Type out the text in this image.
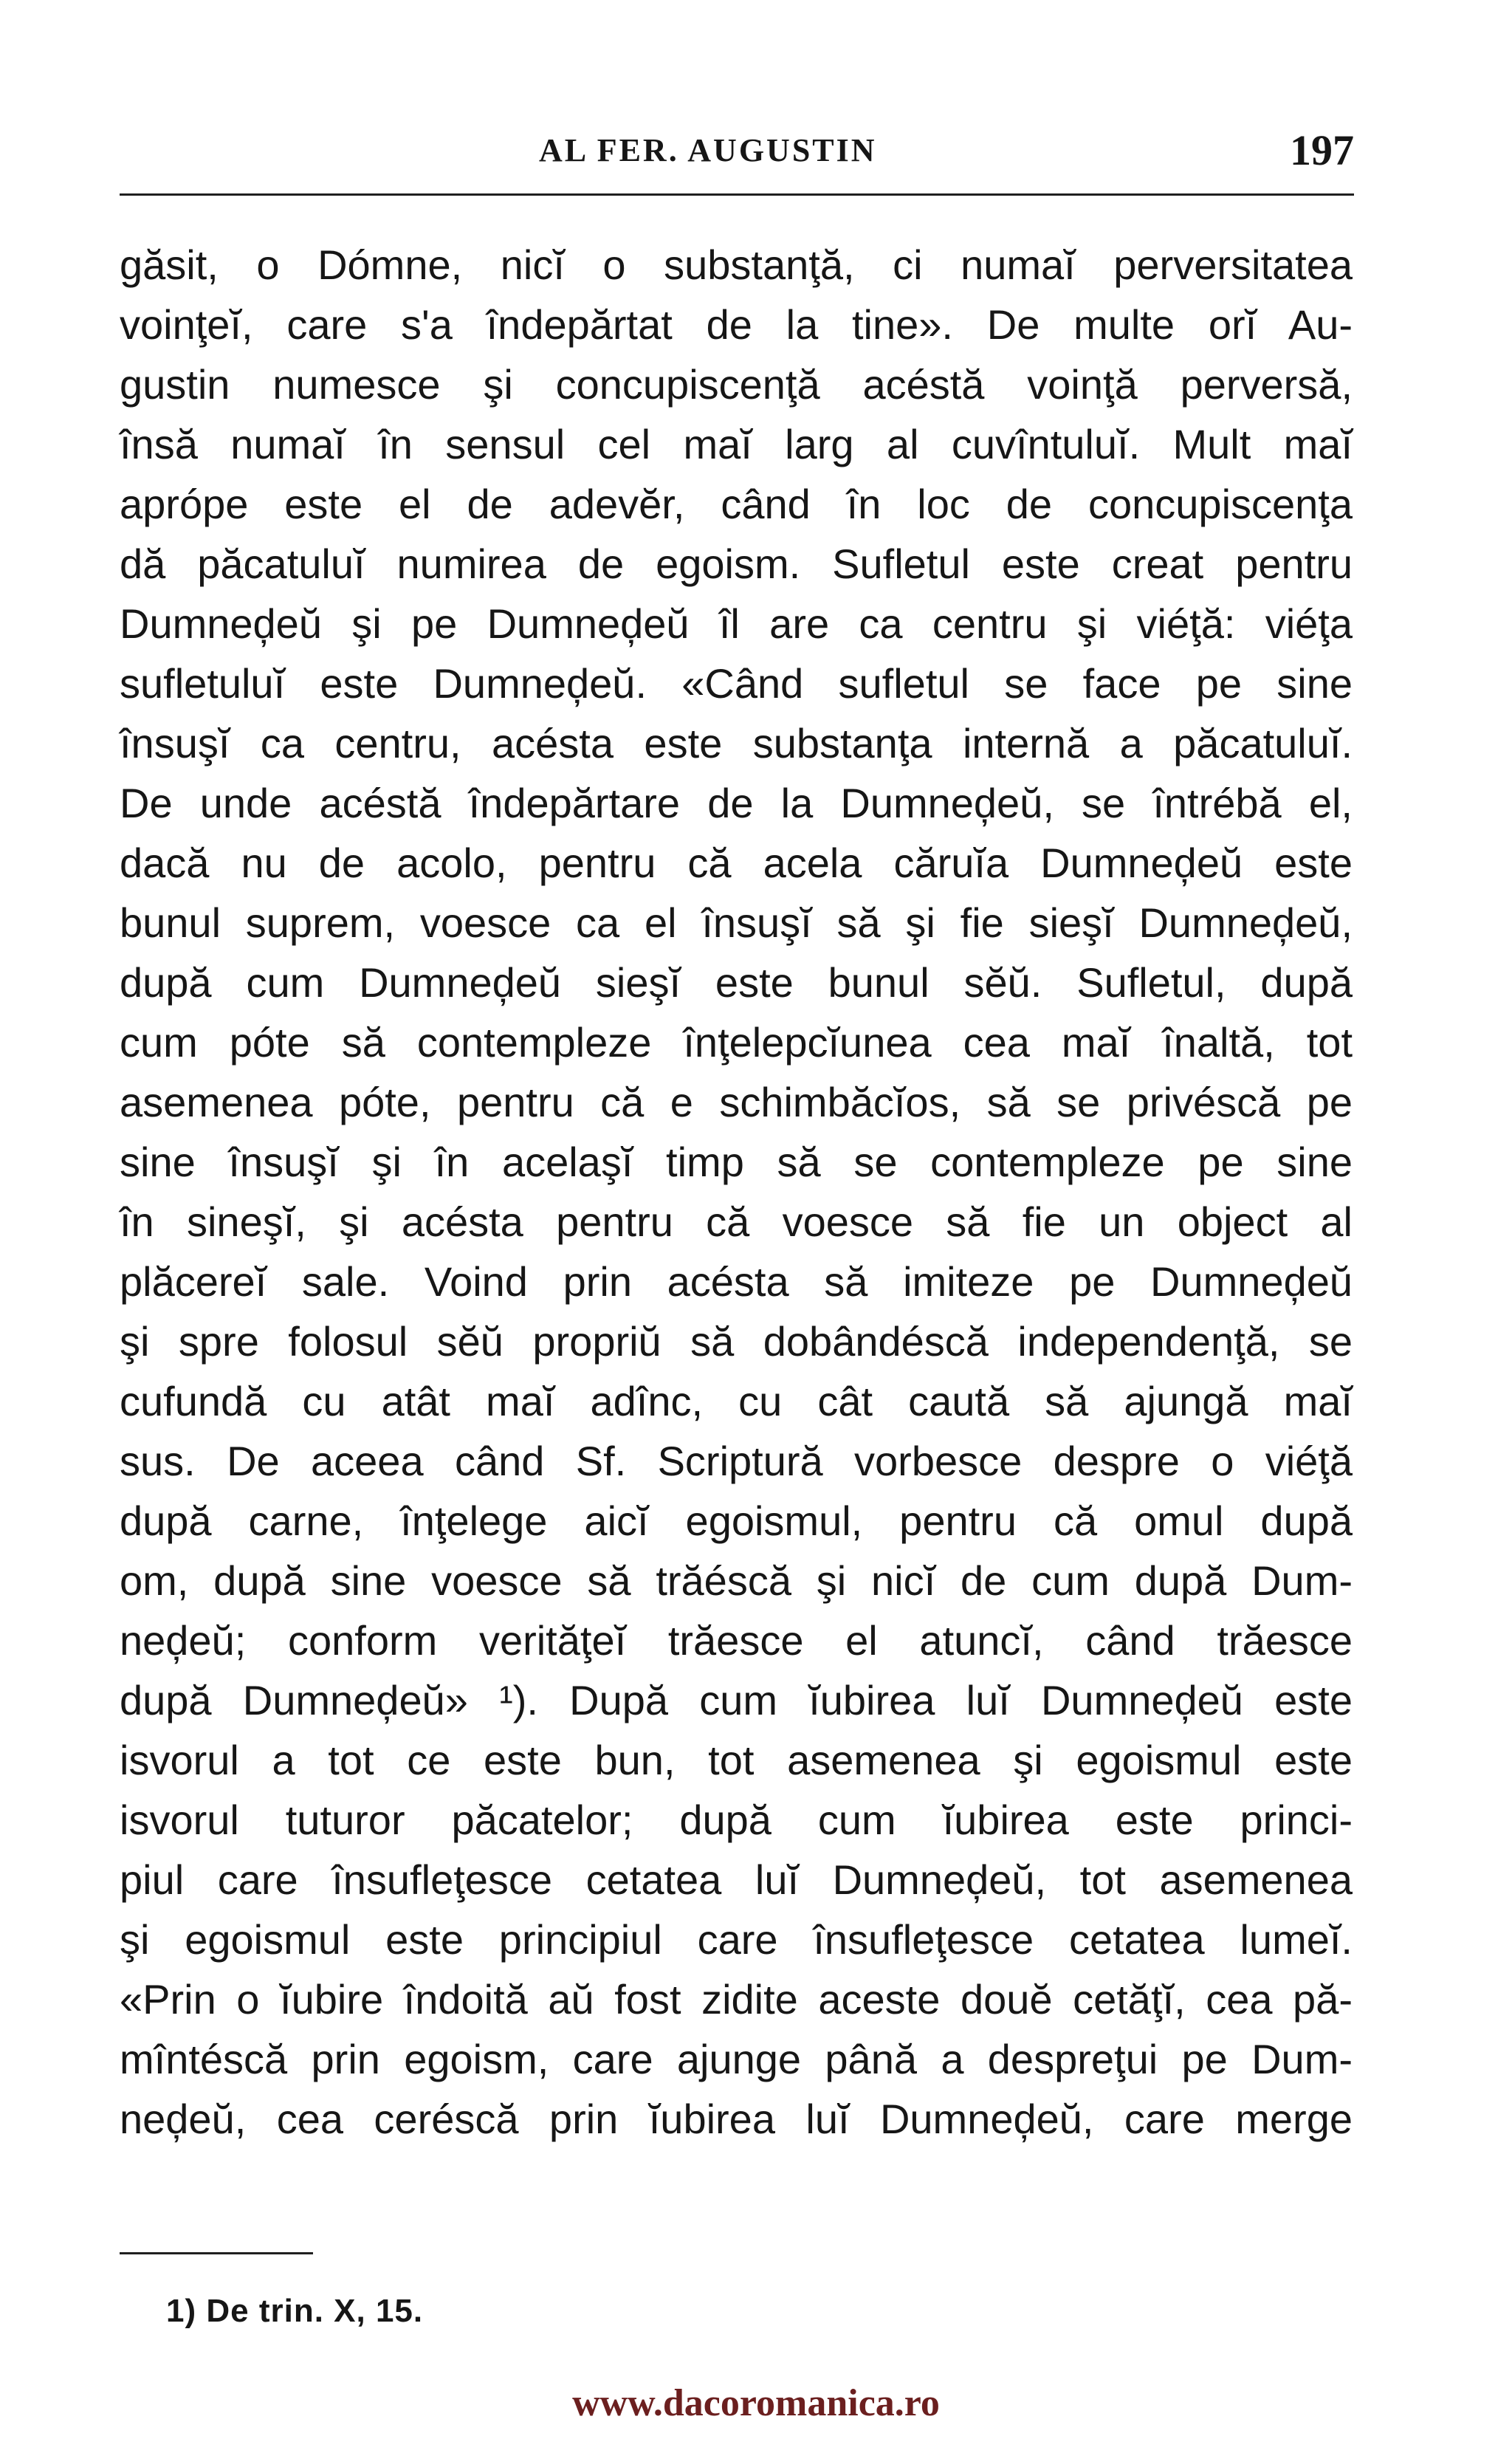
AL FER. AUGUSTIN	197
găsit, o Dómne, nicĭ o substanţă, ci numaĭ perversitatea
voinţeĭ, care s'a îndepărtat de la tine». De multe orĭ Au-
gustin numesce şi concupiscenţă acéstă voinţă perversă,
însă numaĭ în sensul cel maĭ larg al cuvîntuluĭ. Mult maĭ
aprópe este el de adevĕr, când în loc de concupiscenţa
dă păcatuluĭ numirea de egoism. Sufletul este creat pentru
Dumneḑeŭ şi pe Dumneḑeŭ îl are ca centru şi viéţă: viéţa
sufletuluĭ este Dumneḑeŭ. «Când sufletul se face pe sine
însuşĭ ca centru, acésta este substanţa internă a păcatuluĭ.
De unde acéstă îndepărtare de la Dumneḑeŭ, se întrébă el,
dacă nu de acolo, pentru că acela căruĭa Dumneḑeŭ este
bunul suprem, voesce ca el însuşĭ să şi fie sieşĭ Dumneḑeŭ,
după cum Dumneḑeŭ sieşĭ este bunul sĕŭ. Sufletul, după
cum póte să contempleze înţelepcĭunea cea maĭ înaltă, tot
asemenea póte, pentru că e schimbăcĭos, să se privéscă pe
sine însuşĭ şi în acelaşĭ timp să se contempleze pe sine
în sineşĭ, şi acésta pentru că voesce să fie un object al
plăcereĭ sale. Voind prin acésta să imiteze pe Dumneḑeŭ
şi spre folosul sĕŭ propriŭ să dobândéscă independenţă, se
cufundă cu atât maĭ adînc, cu cât caută să ajungă maĭ
sus. De aceea când Sf. Scriptură vorbesce despre o viéţă
după carne, înţelege aicĭ egoismul, pentru că omul după
om, după sine voesce să trăéscă şi nicĭ de cum după Dum-
neḑeŭ; conform verităţeĭ trăesce el atuncĭ, când trăesce
după Dumneḑeŭ» ¹). După cum ĭubirea luĭ Dumneḑeŭ este
isvorul a tot ce este bun, tot asemenea şi egoismul este
isvorul tuturor păcatelor; după cum ĭubirea este princi-
piul care însufleţesce cetatea luĭ Dumneḑeŭ, tot asemenea
şi egoismul este principiul care însufleţesce cetatea lumeĭ.
«Prin o ĭubire îndoită aŭ fost zidite aceste douĕ cetăţĭ, cea pă-
mîntéscă prin egoism, care ajunge până a despreţui pe Dum-
neḑeŭ, cea ceréscă prin ĭubirea luĭ Dumneḑeŭ, care merge
1) De trin. X, 15.
www.dacoromanica.ro
